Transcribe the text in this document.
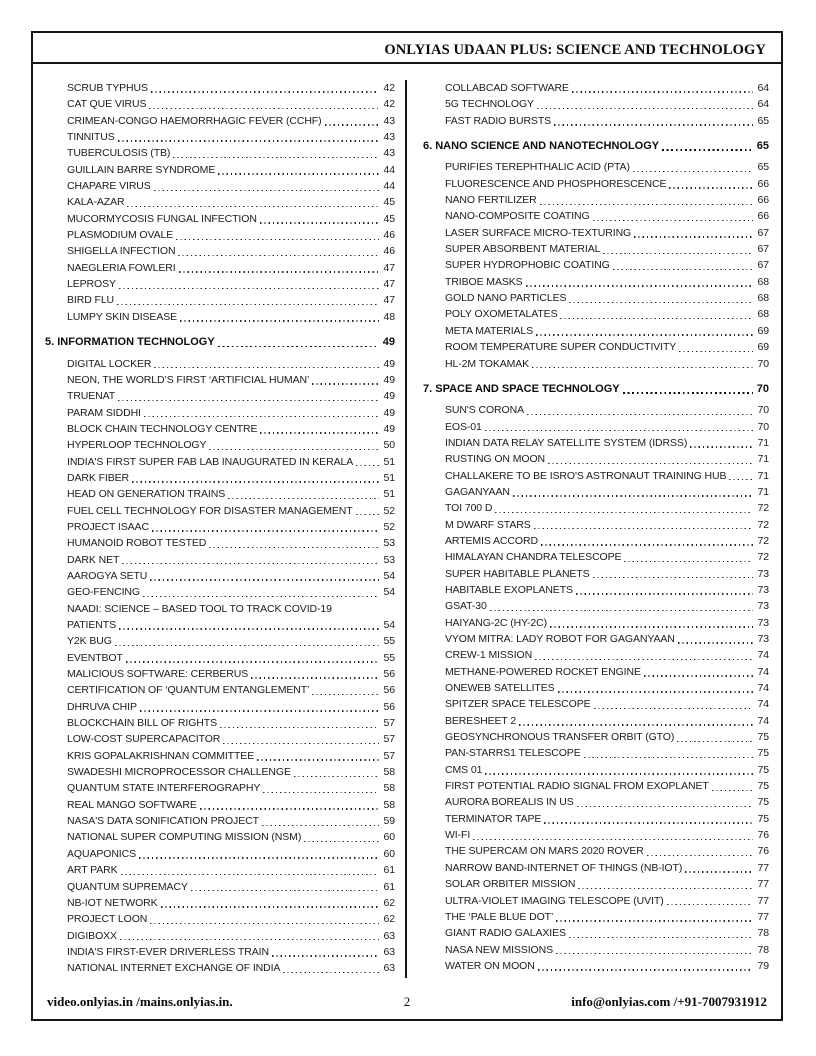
ONLYIAS UDAAN PLUS: SCIENCE AND TECHNOLOGY
SCRUB TYPHUS	42
CAT QUE VIRUS	42
CRIMEAN-CONGO HAEMORRHAGIC FEVER (CCHF)	43
TINNITUS	43
TUBERCULOSIS (TB)	43
GUILLAIN BARRE SYNDROME	44
CHAPARE VIRUS	44
KALA-AZAR	45
MUCORMYCOSIS FUNGAL INFECTION	45
PLASMODIUM OVALE	46
SHIGELLA INFECTION	46
NAEGLERIA FOWLERI	47
LEPROSY	47
BIRD FLU	47
LUMPY SKIN DISEASE	48
5. INFORMATION TECHNOLOGY	49
DIGITAL LOCKER	49
NEON, THE WORLD’S FIRST ‘ARTIFICIAL HUMAN’	49
TRUENAT	49
PARAM SIDDHI	49
BLOCK CHAIN TECHNOLOGY CENTRE	49
HYPERLOOP TECHNOLOGY	50
INDIA'S FIRST SUPER FAB LAB INAUGURATED IN KERALA	51
DARK FIBER	51
HEAD ON GENERATION TRAINS	51
FUEL CELL TECHNOLOGY FOR DISASTER MANAGEMENT	52
PROJECT ISAAC	52
HUMANOID ROBOT TESTED	53
DARK NET	53
AAROGYA SETU	54
GEO-FENCING	54
NAADI: SCIENCE – BASED TOOL TO TRACK COVID-19
PATIENTS	54
Y2K BUG	55
EVENTBOT	55
MALICIOUS SOFTWARE: CERBERUS	56
CERTIFICATION OF ‘QUANTUM ENTANGLEMENT’	56
DHRUVA CHIP	56
BLOCKCHAIN BILL OF RIGHTS	57
LOW-COST SUPERCAPACITOR	57
KRIS GOPALAKRISHNAN COMMITTEE	57
SWADESHI MICROPROCESSOR CHALLENGE	58
QUANTUM STATE INTERFEROGRAPHY	58
REAL MANGO SOFTWARE	58
NASA'S DATA SONIFICATION PROJECT	59
NATIONAL SUPER COMPUTING MISSION (NSM)	60
AQUAPONICS	60
ART PARK	61
QUANTUM SUPREMACY	61
NB-IOT NETWORK	62
PROJECT LOON	62
DIGIBOXX	63
INDIA'S FIRST-EVER DRIVERLESS TRAIN	63
NATIONAL INTERNET EXCHANGE OF INDIA	63
COLLABCAD SOFTWARE	64
5G TECHNOLOGY	64
FAST RADIO BURSTS	65
6. NANO SCIENCE AND NANOTECHNOLOGY	65
PURIFIES TEREPHTHALIC ACID (PTA)	65
FLUORESCENCE AND PHOSPHORESCENCE	66
NANO FERTILIZER	66
NANO-COMPOSITE COATING	66
LASER SURFACE MICRO-TEXTURING	67
SUPER ABSORBENT MATERIAL	67
SUPER HYDROPHOBIC COATING	67
TRIBOE MASKS	68
GOLD NANO PARTICLES	68
POLY OXOMETALATES	68
META MATERIALS	69
ROOM TEMPERATURE SUPER CONDUCTIVITY	69
HL-2M TOKAMAK	70
7. SPACE AND SPACE TECHNOLOGY	70
SUN'S CORONA	70
EOS-01	70
INDIAN DATA RELAY SATELLITE SYSTEM (IDRSS)	71
RUSTING ON MOON	71
CHALLAKERE TO BE ISRO'S ASTRONAUT TRAINING HUB	71
GAGANYAAN	71
TOI 700 D	72
M DWARF STARS	72
ARTEMIS ACCORD	72
HIMALAYAN CHANDRA TELESCOPE	72
SUPER HABITABLE PLANETS	73
HABITABLE EXOPLANETS	73
GSAT-30	73
HAIYANG-2C (HY-2C)	73
VYOM MITRA: LADY ROBOT FOR GAGANYAAN	73
CREW-1 MISSION	74
METHANE-POWERED ROCKET ENGINE	74
ONEWEB SATELLITES	74
SPITZER SPACE TELESCOPE	74
BERESHEET 2	74
GEOSYNCHRONOUS TRANSFER ORBIT (GTO)	75
PAN-STARRS1 TELESCOPE	75
CMS 01	75
FIRST POTENTIAL RADIO SIGNAL FROM EXOPLANET	75
AURORA BOREALIS IN US	75
TERMINATOR TAPE	75
WI-FI	76
THE SUPERCAM ON MARS 2020 ROVER	76
NARROW BAND-INTERNET OF THINGS (NB-IOT)	77
SOLAR ORBITER MISSION	77
ULTRA-VIOLET IMAGING TELESCOPE (UVIT)	77
THE ‘PALE BLUE DOT’	77
GIANT RADIO GALAXIES	78
NASA NEW MISSIONS	78
WATER ON MOON	79
video.onlyias.in /mains.onlyias.in.	2	info@onlyias.com /+91-7007931912
